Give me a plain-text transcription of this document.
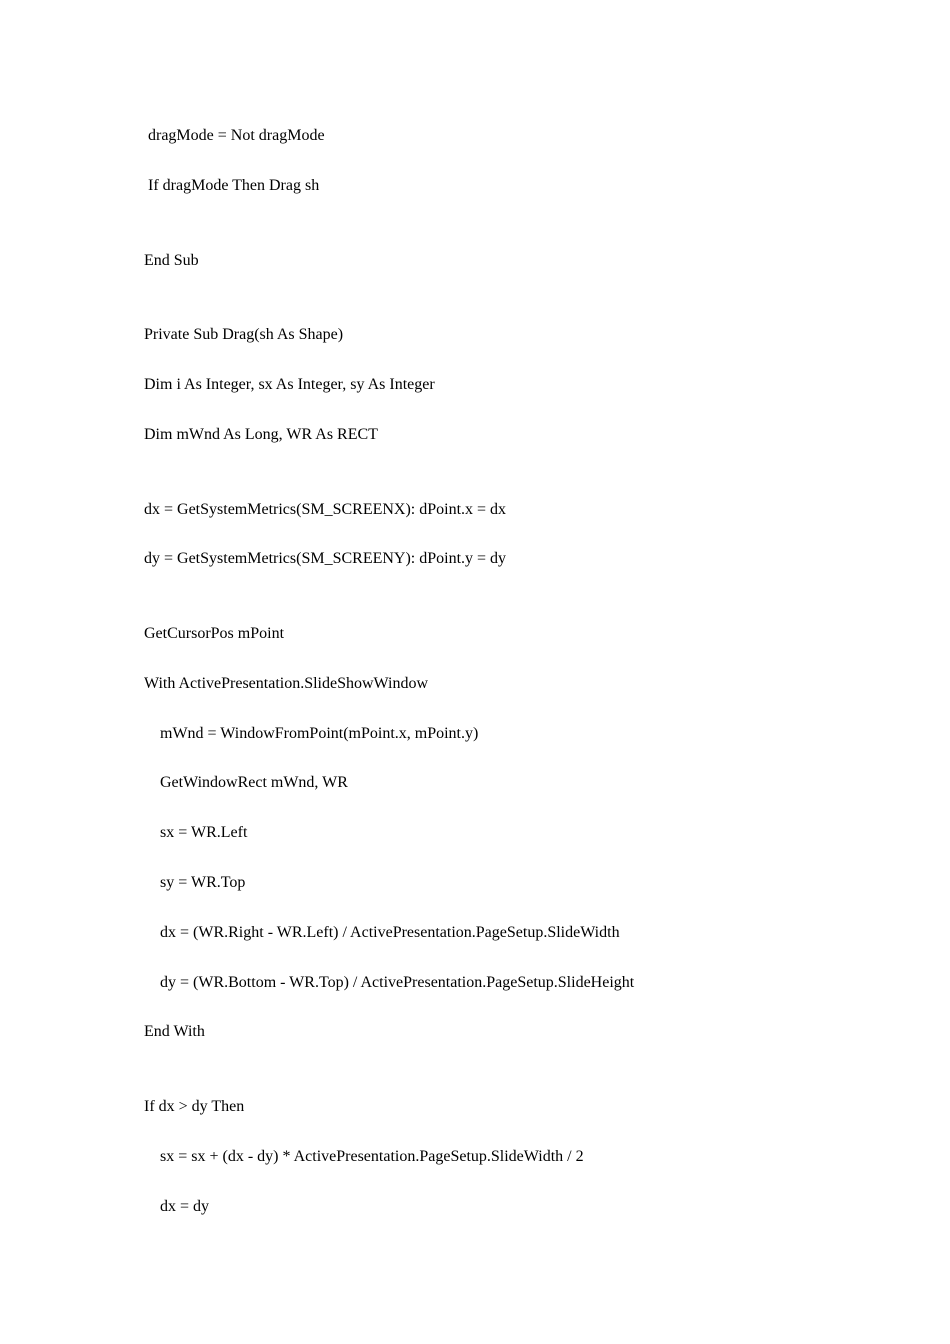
dragMode = Not dragMode
If dragMode Then Drag sh
End Sub
Private Sub Drag(sh As Shape)
Dim i As Integer, sx As Integer, sy As Integer
Dim mWnd As Long, WR As RECT
dx = GetSystemMetrics(SM_SCREENX): dPoint.x = dx
dy = GetSystemMetrics(SM_SCREENY): dPoint.y = dy
GetCursorPos mPoint
With ActivePresentation.SlideShowWindow
mWnd = WindowFromPoint(mPoint.x, mPoint.y)
GetWindowRect mWnd, WR
sx = WR.Left
sy = WR.Top
dx = (WR.Right - WR.Left) / ActivePresentation.PageSetup.SlideWidth
dy = (WR.Bottom - WR.Top) / ActivePresentation.PageSetup.SlideHeight
End With
If dx > dy Then
sx = sx + (dx - dy) * ActivePresentation.PageSetup.SlideWidth / 2
dx = dy
